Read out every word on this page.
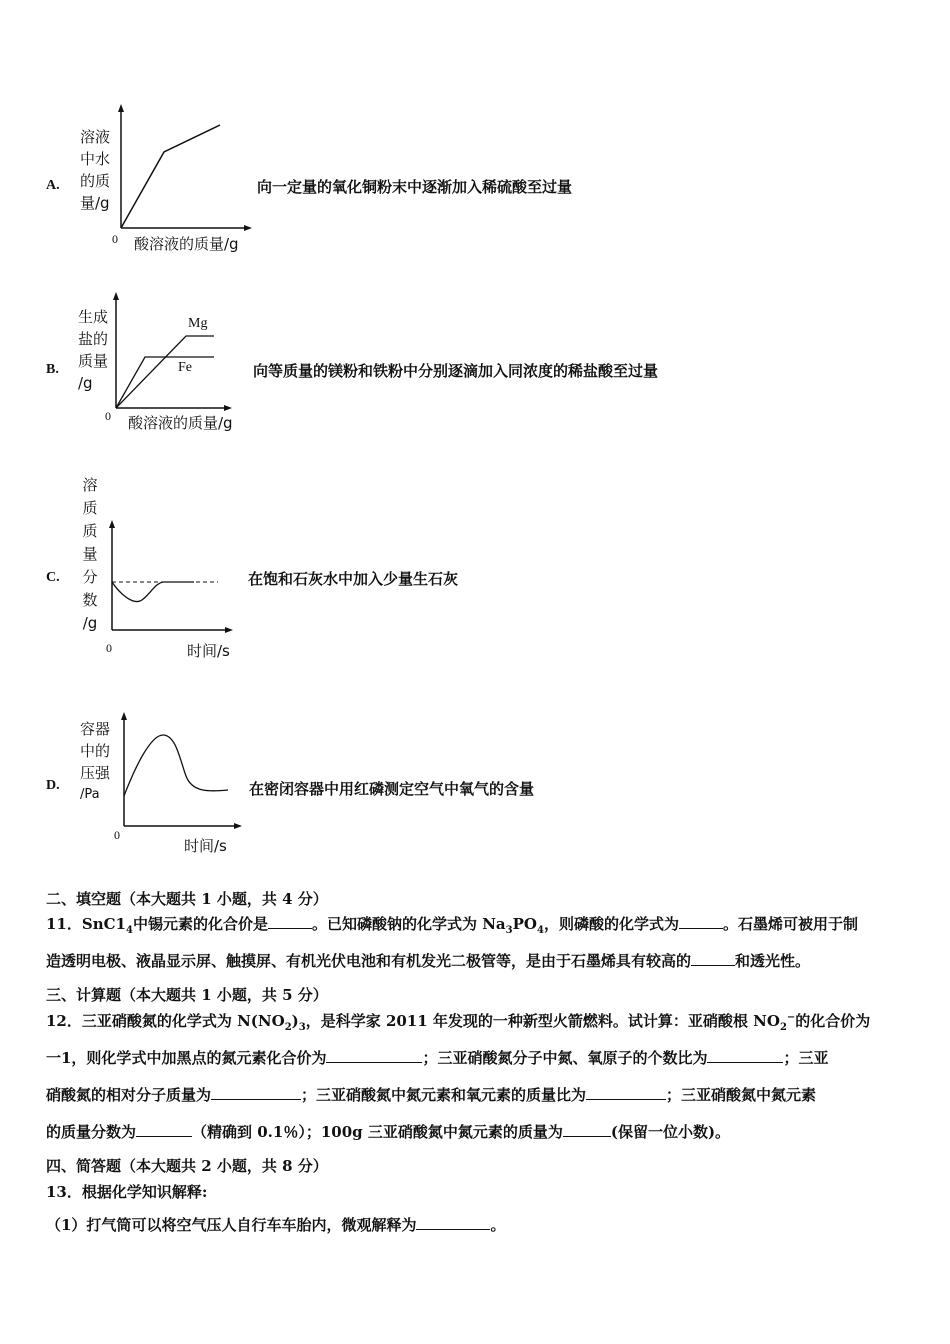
A.
溶液
中水
的质
量/g
0 酸溶液的质量/g
向一定量的氧化铜粉末中逐渐加入稀硫酸至过量
B.
生成
盐的
质量
/g
Mg
Fe
0 酸溶液的质量/g
向等质量的镁粉和铁粉中分别逐滴加入同浓度的稀盐酸至过量
C.
溶
质
质
量
分
数
/g
0	时间/s
在饱和石灰水中加入少量生石灰
D.
容器
中的
压强
/Pa
0
时间/s
在密闭容器中用红磷测定空气中氧气的含量
二、填空题（本大题共 1 小题，共 4 分）
11．$SnC1_4$中锡元素的化合价是	。已知磷酸钠的化学式为 $Na_3PO_4$，则磷酸的化学式为	。石墨烯可被用于制
造透明电极、液晶显示屏、触摸屏、有机光伏电池和有机发光二极管等，是由于石墨烯具有较高的	和透光性。
三、计算题（本大题共 1 小题，共 5 分）
12．三亚硝酸氮的化学式为 $N(NO_2)_3$，是科学家 2011 年发现的一种新型火箭燃料。试计算：亚硝酸根 $NO_2^-$的化合价为
一1，则化学式中加黑点的氮元素化合价为	；三亚硝酸氮分子中氮、氧原子的个数比为	；三亚
硝酸氮的相对分子质量为	；三亚硝酸氮中氮元素和氧元素的质量比为	；三亚硝酸氮中氮元素
的质量分数为	（精确到 0.1％）；100g 三亚硝酸氮中氮元素的质量为	(保留一位小数)。
四、简答题（本大题共 2 小题，共 8 分）
13．根据化学知识解释:
（1）打气筒可以将空气压人自行车车胎内，微观解释为	。
